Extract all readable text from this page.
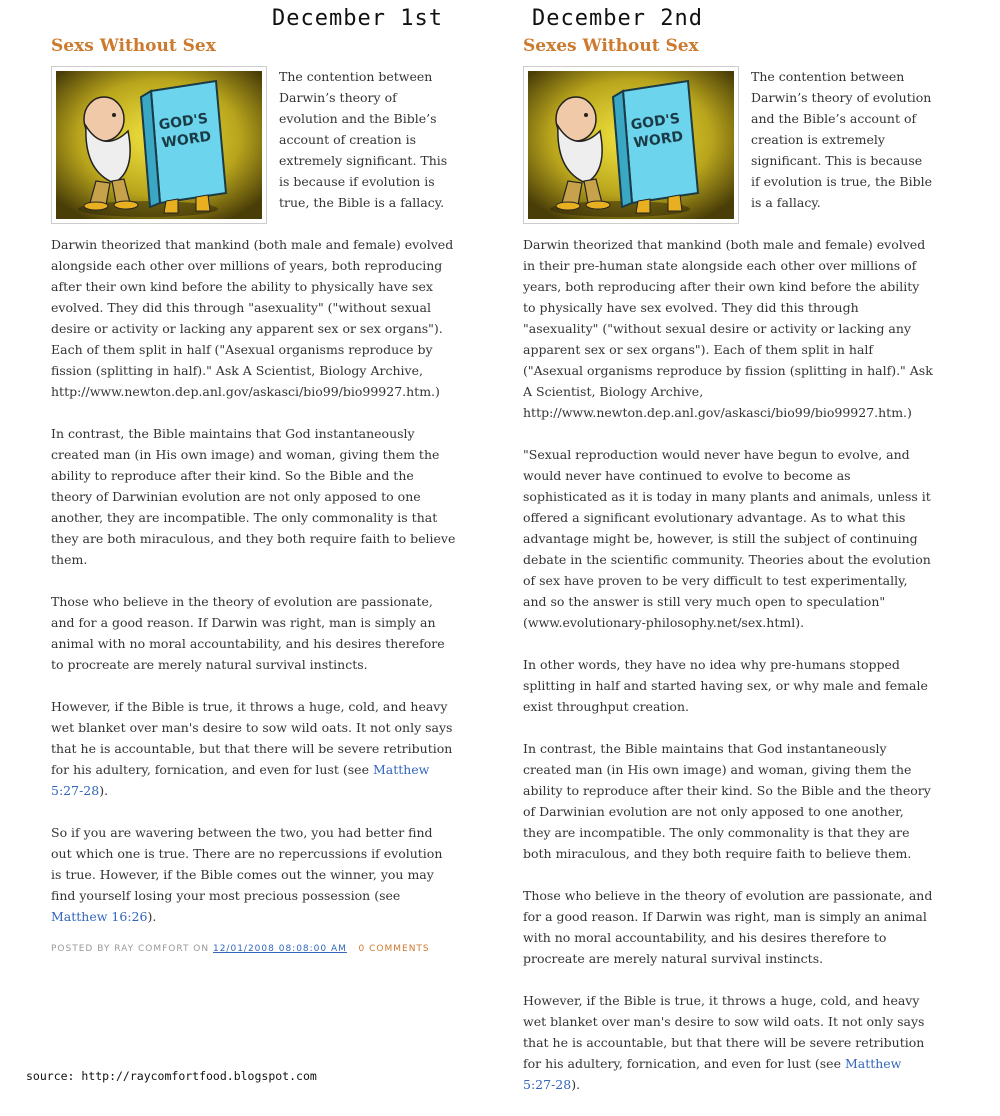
December 1st
Sexs Without Sex
GOD'S
WORD

The contention between Darwin’s theory of evolution and the Bible’s account of creation is extremely significant. This is because if evolution is true, the Bible is a fallacy.

Darwin theorized that mankind (both male and female) evolved alongside each other over millions of years, both reproducing after their own kind before the ability to physically have sex evolved. They did this through "asexuality" ("without sexual desire or activity or lacking any apparent sex or sex organs"). Each of them split in half ("Asexual organisms reproduce by fission (splitting in half)." Ask A Scientist, Biology Archive, http://www.newton.dep.anl.gov/askasci/bio99/bio99927.htm.)

In contrast, the Bible maintains that God instantaneously created man (in His own image) and woman, giving them the ability to reproduce after their kind. So the Bible and the theory of Darwinian evolution are not only apposed to one another, they are incompatible. The only commonality is that they are both miraculous, and they both require faith to believe them.

Those who believe in the theory of evolution are passionate, and for a good reason. If Darwin was right, man is simply an animal with no moral accountability, and his desires therefore to procreate are merely natural survival instincts.

However, if the Bible is true, it throws a huge, cold, and heavy wet blanket over man's desire to sow wild oats. It not only says that he is accountable, but that there will be severe retribution for his adultery, fornication, and even for lust (see Matthew 5:27-28).

So if you are wavering between the two, you had better find out which one is true. There are no repercussions if evolution is true. However, if the Bible comes out the winner, you may find yourself losing your most precious possession (see Matthew 16:26).

POSTED BY RAY COMFORT ON 12/01/2008 08:08:00 AM 0 COMMENTS
December 2nd
Sexes Without Sex
GOD'S
WORD

The contention between Darwin’s theory of evolution and the Bible’s account of creation is extremely significant. This is because if evolution is true, the Bible is a fallacy.

Darwin theorized that mankind (both male and female) evolved in their pre-human state alongside each other over millions of years, both reproducing after their own kind before the ability to physically have sex evolved. They did this through "asexuality" ("without sexual desire or activity or lacking any apparent sex or sex organs"). Each of them split in half ("Asexual organisms reproduce by fission (splitting in half)." Ask A Scientist, Biology Archive, http://www.newton.dep.anl.gov/askasci/bio99/bio99927.htm.)

"Sexual reproduction would never have begun to evolve, and would never have continued to evolve to become as sophisticated as it is today in many plants and animals, unless it offered a significant evolutionary advantage. As to what this advantage might be, however, is still the subject of continuing debate in the scientific community. Theories about the evolution of sex have proven to be very difficult to test experimentally, and so the answer is still very much open to speculation" (www.evolutionary-philosophy.net/sex.html).

In other words, they have no idea why pre-humans stopped splitting in half and started having sex, or why male and female exist throughput creation.

In contrast, the Bible maintains that God instantaneously created man (in His own image) and woman, giving them the ability to reproduce after their kind. So the Bible and the theory of Darwinian evolution are not only apposed to one another, they are incompatible. The only commonality is that they are both miraculous, and they both require faith to believe them.

Those who believe in the theory of evolution are passionate, and for a good reason. If Darwin was right, man is simply an animal with no moral accountability, and his desires therefore to procreate are merely natural survival instincts.

However, if the Bible is true, it throws a huge, cold, and heavy wet blanket over man's desire to sow wild oats. It not only says that he is accountable, but that there will be severe retribution for his adultery, fornication, and even for lust (see Matthew 5:27-28).

source: http://raycomfortfood.blogspot.com
